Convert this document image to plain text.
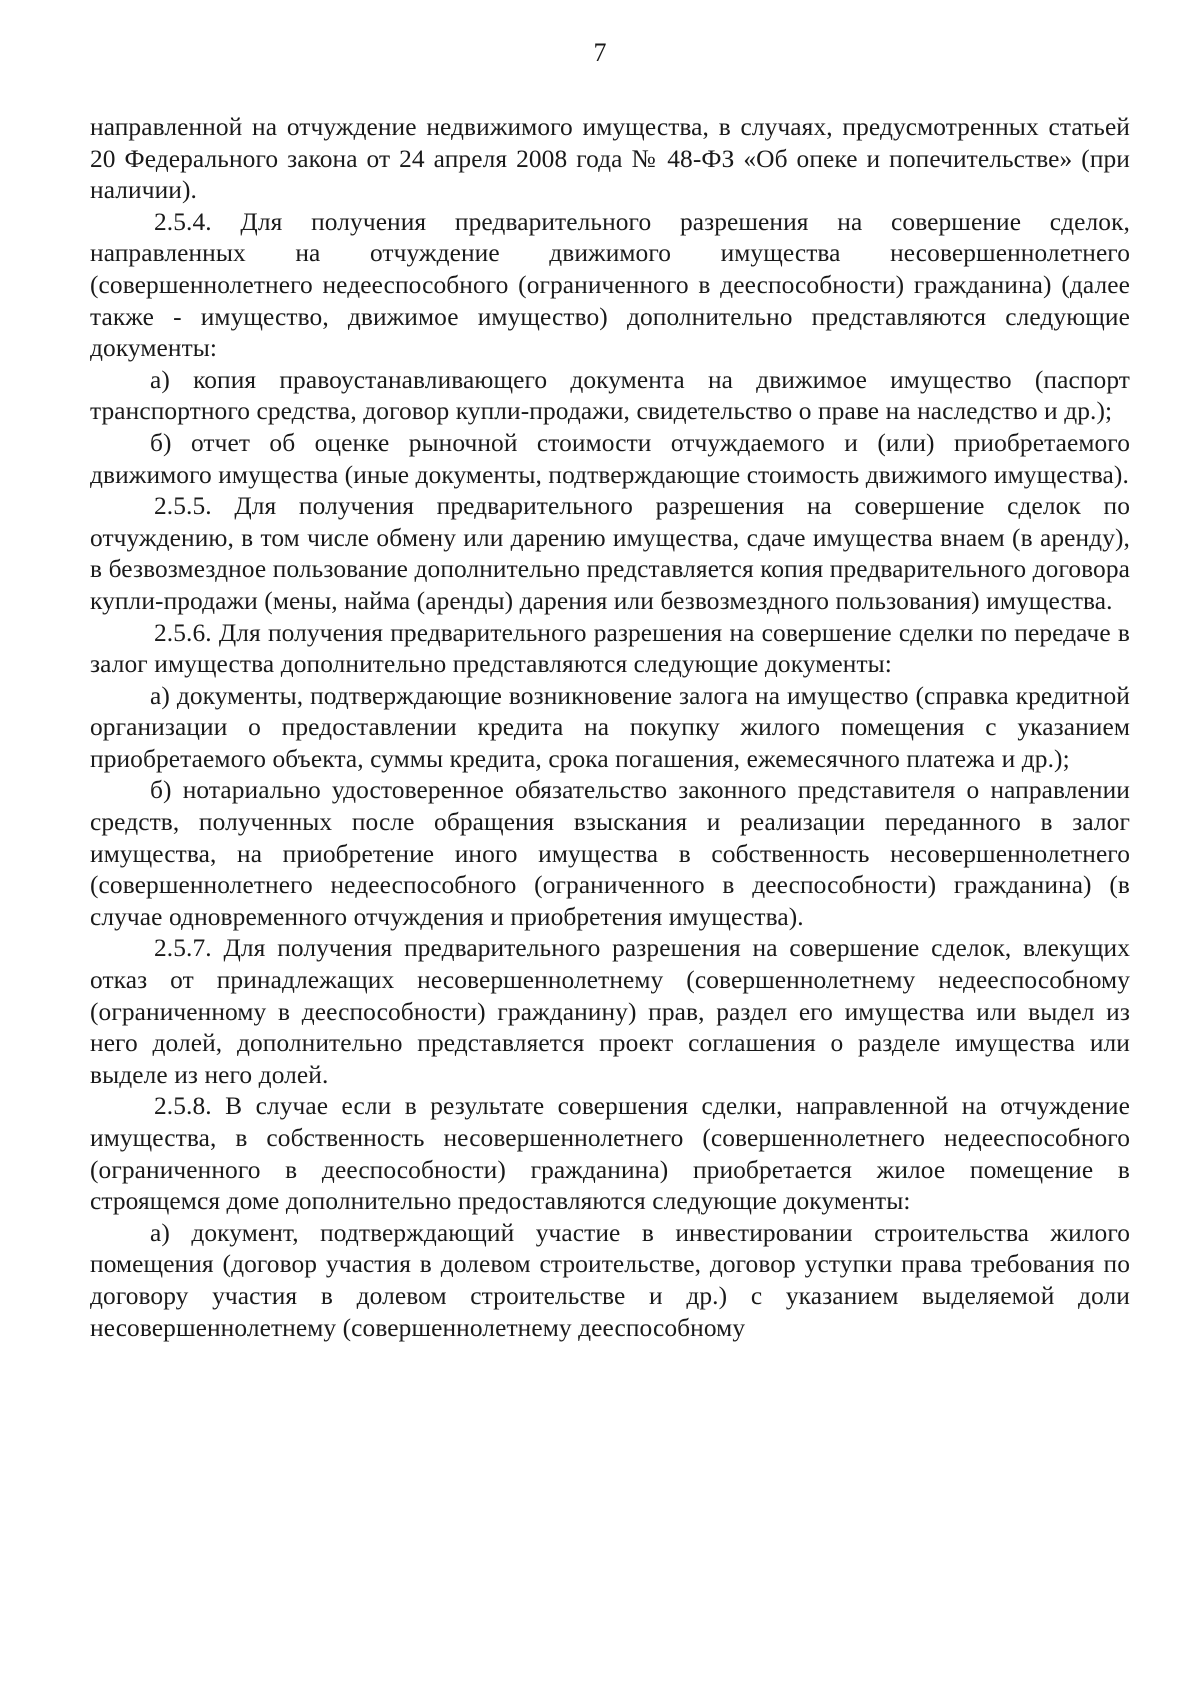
7

направленной на отчуждение недвижимого имущества, в случаях, предусмотренных статьей 20 Федерального закона от 24 апреля 2008 года № 48-ФЗ «Об опеке и попечительстве» (при наличии).

2.5.4. Для получения предварительного разрешения на совершение сделок, направленных на отчуждение движимого имущества несовершеннолетнего (совершеннолетнего недееспособного (ограниченного в дееспособности) гражданина) (далее также - имущество, движимое имущество) дополнительно представляются следующие документы:

а) копия правоустанавливающего документа на движимое имущество (паспорт транспортного средства, договор купли-продажи, свидетельство о праве на наследство и др.);

б) отчет об оценке рыночной стоимости отчуждаемого и (или) приобретаемого движимого имущества (иные документы, подтверждающие стоимость движимого имущества).

2.5.5. Для получения предварительного разрешения на совершение сделок по отчуждению, в том числе обмену или дарению имущества, сдаче имущества внаем (в аренду), в безвозмездное пользование дополнительно представляется копия предварительного договора купли-продажи (мены, найма (аренды) дарения или безвозмездного пользования) имущества.

2.5.6. Для получения предварительного разрешения на совершение сделки по передаче в залог имущества дополнительно представляются следующие документы:

а) документы, подтверждающие возникновение залога на имущество (справка кредитной организации о предоставлении кредита на покупку жилого помещения с указанием приобретаемого объекта, суммы кредита, срока погашения, ежемесячного платежа и др.);

б) нотариально удостоверенное обязательство законного представителя о направлении средств, полученных после обращения взыскания и реализации переданного в залог имущества, на приобретение иного имущества в собственность несовершеннолетнего (совершеннолетнего недееспособного (ограниченного в дееспособности) гражданина) (в случае одновременного отчуждения и приобретения имущества).

2.5.7. Для получения предварительного разрешения на совершение сделок, влекущих отказ от принадлежащих несовершеннолетнему (совершеннолетнему недееспособному (ограниченному в дееспособности) гражданину) прав, раздел его имущества или выдел из него долей, дополнительно представляется проект соглашения о разделе имущества или выделе из него долей.

2.5.8. В случае если в результате совершения сделки, направленной на отчуждение имущества, в собственность несовершеннолетнего (совершеннолетнего недееспособного (ограниченного в дееспособности) гражданина) приобретается жилое помещение в строящемся доме дополнительно предоставляются следующие документы:

а) документ, подтверждающий участие в инвестировании строительства жилого помещения (договор участия в долевом строительстве, договор уступки права требования по договору участия в долевом строительстве и др.) с указанием выделяемой доли несовершеннолетнему (совершеннолетнему дееспособному
